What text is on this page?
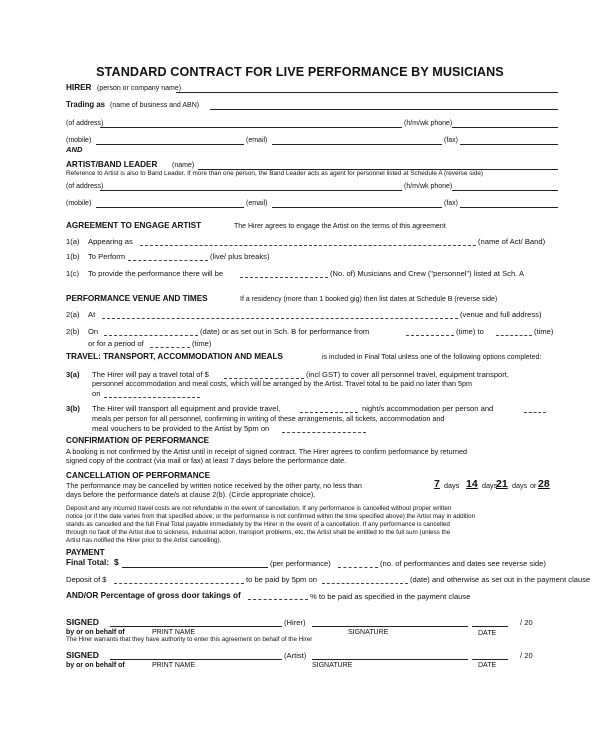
STANDARD CONTRACT FOR LIVE PERFORMANCE BY MUSICIANS
HIRER (person or company name)
Trading as (name of business and ABN)
(of address)	(h/m/wk phone)
(mobile)	(email)	(fax)
AND
ARTIST/BAND LEADER (name)
Reference to Artist is also to Band Leader. If more than one person, the Band Leader acts as agent for personnel listed at Schedule A (reverse side)
(of address)	(h/m/wk phone)
(mobile)	(email)	(fax)
AGREEMENT TO ENGAGE ARTIST	The Hirer agrees to engage the Artist on the terms of this agreement
1(a) Appearing as	(name of Act/ Band)
1(b) To Perform	(live/ plus breaks)
1(c) To provide the performance there will be	(No. of) Musicians and Crew ("personnel") listed at Sch. A
PERFORMANCE VENUE AND TIMES	If a residency (more than 1 booked gig) then list dates at Schedule B (reverse side)
2(a) At	(venue and full address)
2(b) On	(date) or as set out in Sch. B for performance from	(time) to	(time)
or for a period of	(time)
TRAVEL: TRANSPORT, ACCOMMODATION AND MEALS	is included in Final Total unless one of the following options completed:
3(a) The Hirer will pay a travel total of $	(incl GST) to cover all personnel travel, equipment transport,
personnel accommodation and meal costs, which will be arranged by the Artist. Travel total to be paid no later than 5pm
on
3(b) The Hirer will transport all equipment and provide travel,	night/s accommodation per person and
meals per person for all personnel, confirming in writing of these arrangements, all tickets, accommodation and
meal vouchers to be provided to the Artist by 5pm on
CONFIRMATION OF PERFORMANCE
A booking is not confirmed by the Artist until in receipt of signed contract. The Hirer agrees to confirm performance by returned
signed copy of the contract (via mail or fax) at least 7 days before the performance date.
CANCELLATION OF PERFORMANCE
The performance may be cancelled by written notice received by the other party, no less than	7 days 14 days
21 days or 28
days before the performance date/s at clause 2(b). (Circle appropriate choice).
Deposit and any incurred travel costs are not refundable in the event of cancellation. If any performance is cancelled without proper written
notice (or if the date varies from that specified above; or the performance is not confirmed within the time specified above) the Artist may in addition
stands as cancelled and the full Final Total payable immediately by the Hirer in the event of a cancellation. If any performance is cancelled
through no fault of the Artist due to sickness, industrial action, transport problems, etc, the Artist shall be entitled to the full sum (unless the
Artist has notified the Hirer prior to the Artist cancelling).
PAYMENT
Final Total: $	(per performance)	(no. of performances and dates see reverse side)
Deposit of $	to be paid by 5pm on	(date) and otherwise as set out in the payment clause
AND/OR Percentage of gross door takings of	% to be paid as specified in the payment clause
SIGNED	(Hirer)	/ 20
by or on behalf of	PRINT NAME	SIGNATURE	DATE
The Hirer warrants that they have authority to enter this agreement on behalf of the Hirer
SIGNED	(Artist)	/ 20
by or on behalf of	PRINT NAME	SIGNATURE	DATE
